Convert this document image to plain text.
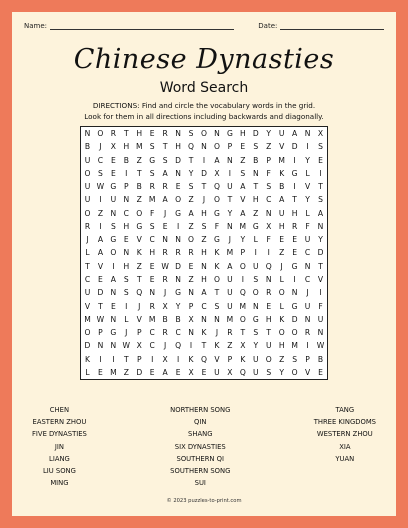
Name:	Date:
Chinese Dynasties
Word Search
DIRECTIONS: Find and circle the vocabulary words in the grid.
Look for them in all directions including backwards and diagonally.
N O R	T	H	E	R N	S O N G H D	Y	U A N X
B	J	X H M S	T	H Q N O	P	E	S	Z	V D	I	S
U C	E	B	Z G S	D	T	I	A N Z	B	P M	I	Y	E
O S	E	I	T	S	A N	Y	D X	I	S	N	F	K G	L	I
U W G	P	B	R	R	E	S	T	Q U A	T	S	B	I	V	T
U	I	U N Z M A O Z	J	O	T	V H C	A	T	Y	S
O Z N C O	F	J	G A H G	Y	A	Z N U H	L	A
R	I	S	H G S	E	I	Z	S	F	N M G X H R	F	N
J	A G E	V	C N N O Z G	J	Y	L	F	E	E	U	Y
L	A O N	K H R	R	R H K M P	I	I	Z	E	C D
T	V	I	H Z	E W D	E	N	K	A O U Q	J	G N	T
C	E	A	S	T	E	R N Z H O U	I	S	N	L	I	C	V
U D N	S Q N	J	G N A	T	U Q O R O N	J	I
V	T	E	I	J	R	X	Y	P	C	S	U M N	E	L	G U	F
M W N	L	V M B	B	X N N M O G H	K D N U
O	P	G	J	P	C	R	C N	K	J	R	T	S	T	O O R N
D N N W X	C	J	Q	I	T	K	Z	X	Y	U H M	I	W
K	I	I	T	P	I	X	I	K Q V	P	K	U O Z	S	P	B
L	E M Z D	E	A	E	X	E	U X Q U	S	Y	O V	E
CHEN
EASTERN ZHOU
FIVE DYNASTIES
JIN
LIANG
LIU SONG
MING
NORTHERN SONG
QIN
SHANG
SIX DYNASTIES
SOUTHERN QI
SOUTHERN SONG
SUI
TANG
THREE KINGDOMS
WESTERN ZHOU
XIA
YUAN
© 2023 puzzles-to-print.com
